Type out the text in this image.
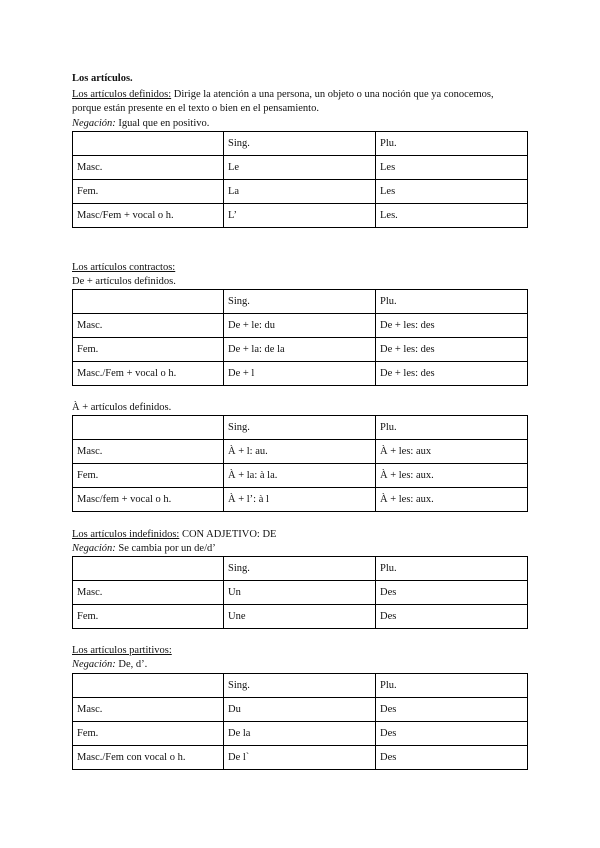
Los artículos.
Los artículos definidos: Dirige la atención a una persona, un objeto o una noción que ya conocemos,
porque están presente en el texto o bien en el pensamiento.
Negación: Igual que en positivo.
	Sing.	Plu.
Masc.	Le	Les
Fem.	La	Les
Masc/Fem + vocal o h.	L’	Les.
Los artículos contractos:
De + artículos definidos.
	Sing.	Plu.
Masc.	De + le: du	De + les: des
Fem.	De + la: de la	De + les: des
Masc./Fem + vocal o h.	De + l	De + les: des
À + artículos definidos.
	Sing.	Plu.
Masc.	À + l: au.	À + les: aux
Fem.	À + la: à la.	À + les: aux.
Masc/fem + vocal o h.	À + l’: à l	À + les: aux.
Los artículos indefinidos: CON ADJETIVO: DE
Negación: Se cambia por un de/d’
	Sing.	Plu.
Masc.	Un	Des
Fem.	Une	Des
Los artículos partitivos:
Negación: De, d’.
	Sing.	Plu.
Masc.	Du	Des
Fem.	De la	Des
Masc./Fem con vocal o h.	De l`	Des
